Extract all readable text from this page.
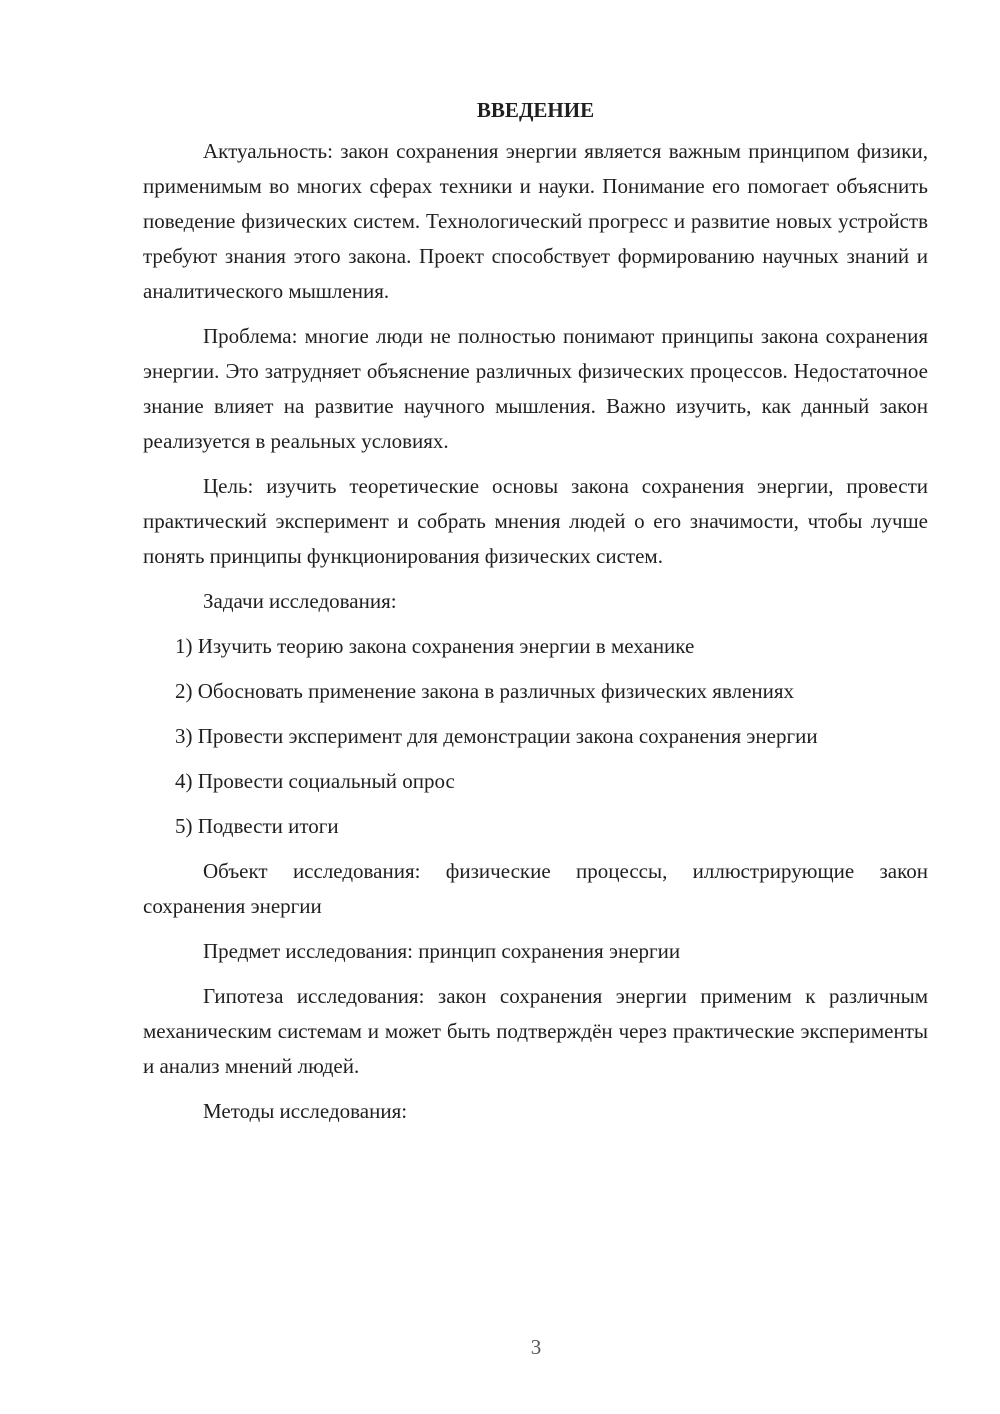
ВВЕДЕНИЕ

Актуальность: закон сохранения энергии является важным принципом физики, применимым во многих сферах техники и науки. Понимание его помогает объяснить поведение физических систем. Технологический прогресс и развитие новых устройств требуют знания этого закона. Проект способствует формированию научных знаний и аналитического мышления.

Проблема: многие люди не полностью понимают принципы закона сохранения энергии. Это затрудняет объяснение различных физических процессов. Недостаточное знание влияет на развитие научного мышления. Важно изучить, как данный закон реализуется в реальных условиях.

Цель: изучить теоретические основы закона сохранения энергии, провести практический эксперимент и собрать мнения людей о его значимости, чтобы лучше понять принципы функционирования физических систем.

Задачи исследования:

1) Изучить теорию закона сохранения энергии в механике

2) Обосновать применение закона в различных физических явлениях

3) Провести эксперимент для демонстрации закона сохранения энергии

4) Провести социальный опрос

5) Подвести итоги

Объект исследования: физические процессы, иллюстрирующие закон сохранения энергии

Предмет исследования: принцип сохранения энергии

Гипотеза исследования: закон сохранения энергии применим к различным механическим системам и может быть подтверждён через практические эксперименты и анализ мнений людей.

Методы исследования:

3
